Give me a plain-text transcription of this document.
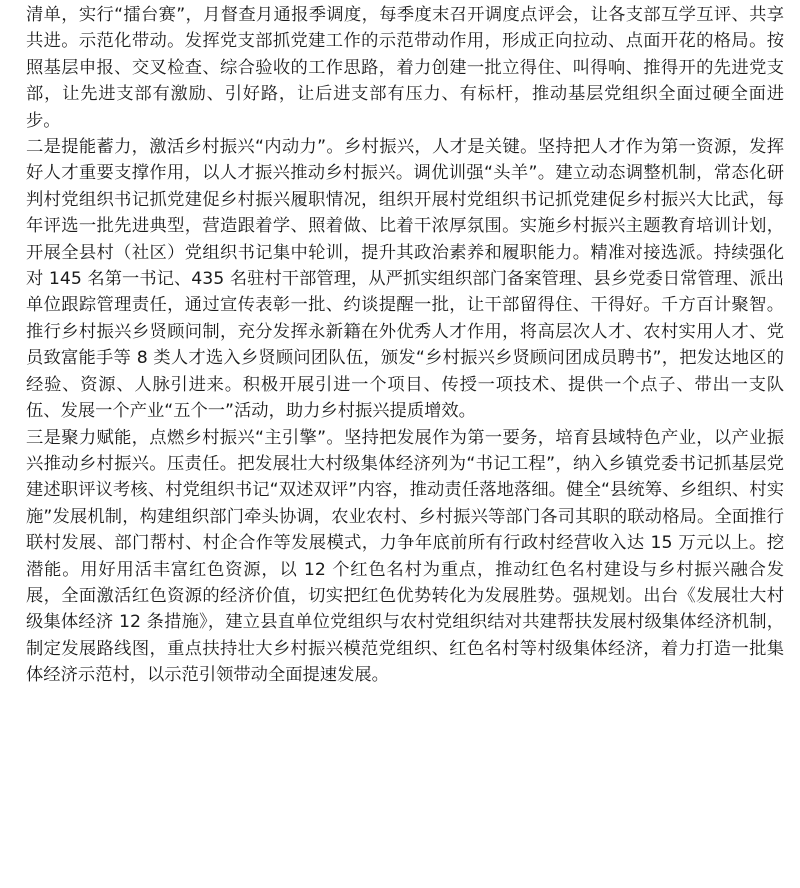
清单，实行“擂台赛”，月督查月通报季调度，每季度末召开调度点评会，让各支部互学互评、共享共进。示范化带动。发挥党支部抓党建工作的示范带动作用，形成正向拉动、点面开花的格局。按照基层申报、交叉检查、综合验收的工作思路，着力创建一批立得住、叫得响、推得开的先进党支部，让先进支部有激励、引好路，让后进支部有压力、有标杆，推动基层党组织全面过硬全面进步。

二是提能蓄力，激活乡村振兴“内动力”。乡村振兴，人才是关键。坚持把人才作为第一资源，发挥好人才重要支撑作用，以人才振兴推动乡村振兴。调优训强“头羊”。建立动态调整机制，常态化研判村党组织书记抓党建促乡村振兴履职情况，组织开展村党组织书记抓党建促乡村振兴大比武，每年评选一批先进典型，营造跟着学、照着做、比着干浓厚氛围。实施乡村振兴主题教育培训计划，开展全县村（社区）党组织书记集中轮训，提升其政治素养和履职能力。精准对接选派。持续强化对 145 名第一书记、435 名驻村干部管理，从严抓实组织部门备案管理、县乡党委日常管理、派出单位跟踪管理责任，通过宣传表彰一批、约谈提醒一批，让干部留得住、干得好。千方百计聚智。推行乡村振兴乡贤顾问制，充分发挥永新籍在外优秀人才作用，将高层次人才、农村实用人才、党员致富能手等 8 类人才选入乡贤顾问团队伍，颁发“乡村振兴乡贤顾问团成员聘书”，把发达地区的经验、资源、人脉引进来。积极开展引进一个项目、传授一项技术、提供一个点子、带出一支队伍、发展一个产业“五个一”活动，助力乡村振兴提质增效。

三是聚力赋能，点燃乡村振兴“主引擎”。坚持把发展作为第一要务，培育县域特色产业，以产业振兴推动乡村振兴。压责任。把发展壮大村级集体经济列为“书记工程”，纳入乡镇党委书记抓基层党建述职评议考核、村党组织书记“双述双评”内容，推动责任落地落细。健全“县统筹、乡组织、村实施”发展机制，构建组织部门牵头协调，农业农村、乡村振兴等部门各司其职的联动格局。全面推行联村发展、部门帮村、村企合作等发展模式，力争年底前所有行政村经营收入达 15 万元以上。挖潜能。用好用活丰富红色资源，以 12 个红色名村为重点，推动红色名村建设与乡村振兴融合发展，全面激活红色资源的经济价值，切实把红色优势转化为发展胜势。强规划。出台《发展壮大村级集体经济 12 条措施》，建立县直单位党组织与农村党组织结对共建帮扶发展村级集体经济机制，制定发展路线图，重点扶持壮大乡村振兴模范党组织、红色名村等村级集体经济，着力打造一批集体经济示范村，以示范引领带动全面提速发展。
